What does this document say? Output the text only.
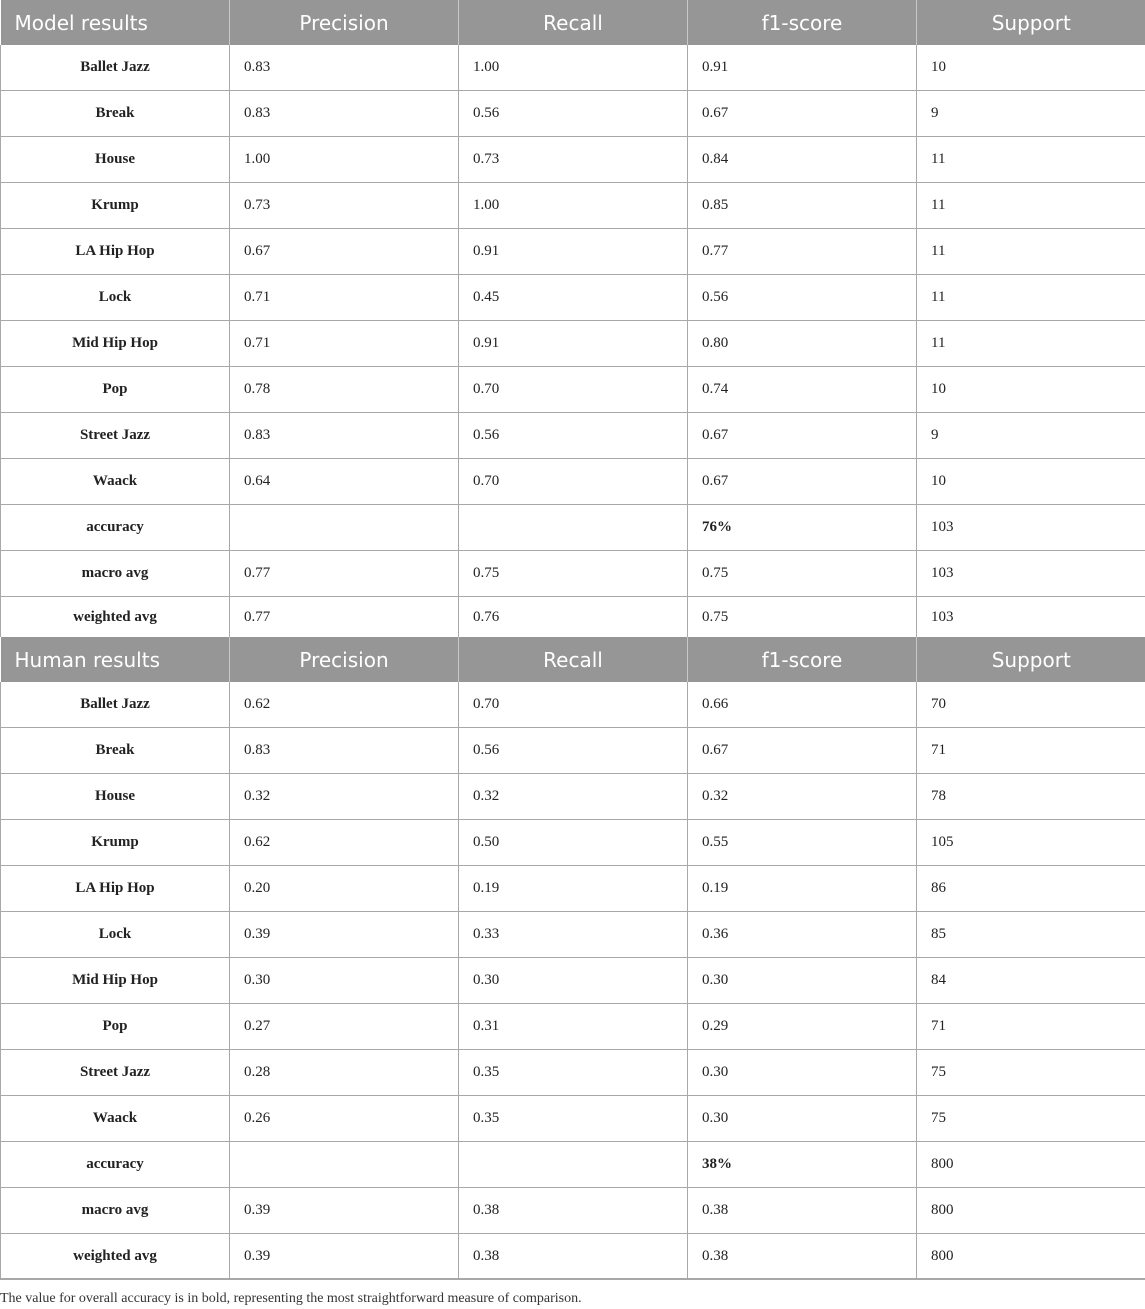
Model results	Precision	Recall	f1-score	Support
Ballet Jazz	0.83	1.00	0.91	10
Break	0.83	0.56	0.67	9
House	1.00	0.73	0.84	11
Krump	0.73	1.00	0.85	11
LA Hip Hop	0.67	0.91	0.77	11
Lock	0.71	0.45	0.56	11
Mid Hip Hop	0.71	0.91	0.80	11
Pop	0.78	0.70	0.74	10
Street Jazz	0.83	0.56	0.67	9
Waack	0.64	0.70	0.67	10
accuracy			76%	103
macro avg	0.77	0.75	0.75	103
weighted avg	0.77	0.76	0.75	103
Human results	Precision	Recall	f1-score	Support
Ballet Jazz	0.62	0.70	0.66	70
Break	0.83	0.56	0.67	71
House	0.32	0.32	0.32	78
Krump	0.62	0.50	0.55	105
LA Hip Hop	0.20	0.19	0.19	86
Lock	0.39	0.33	0.36	85
Mid Hip Hop	0.30	0.30	0.30	84
Pop	0.27	0.31	0.29	71
Street Jazz	0.28	0.35	0.30	75
Waack	0.26	0.35	0.30	75
accuracy			38%	800
macro avg	0.39	0.38	0.38	800
weighted avg	0.39	0.38	0.38	800
The value for overall accuracy is in bold, representing the most straightforward measure of comparison.
